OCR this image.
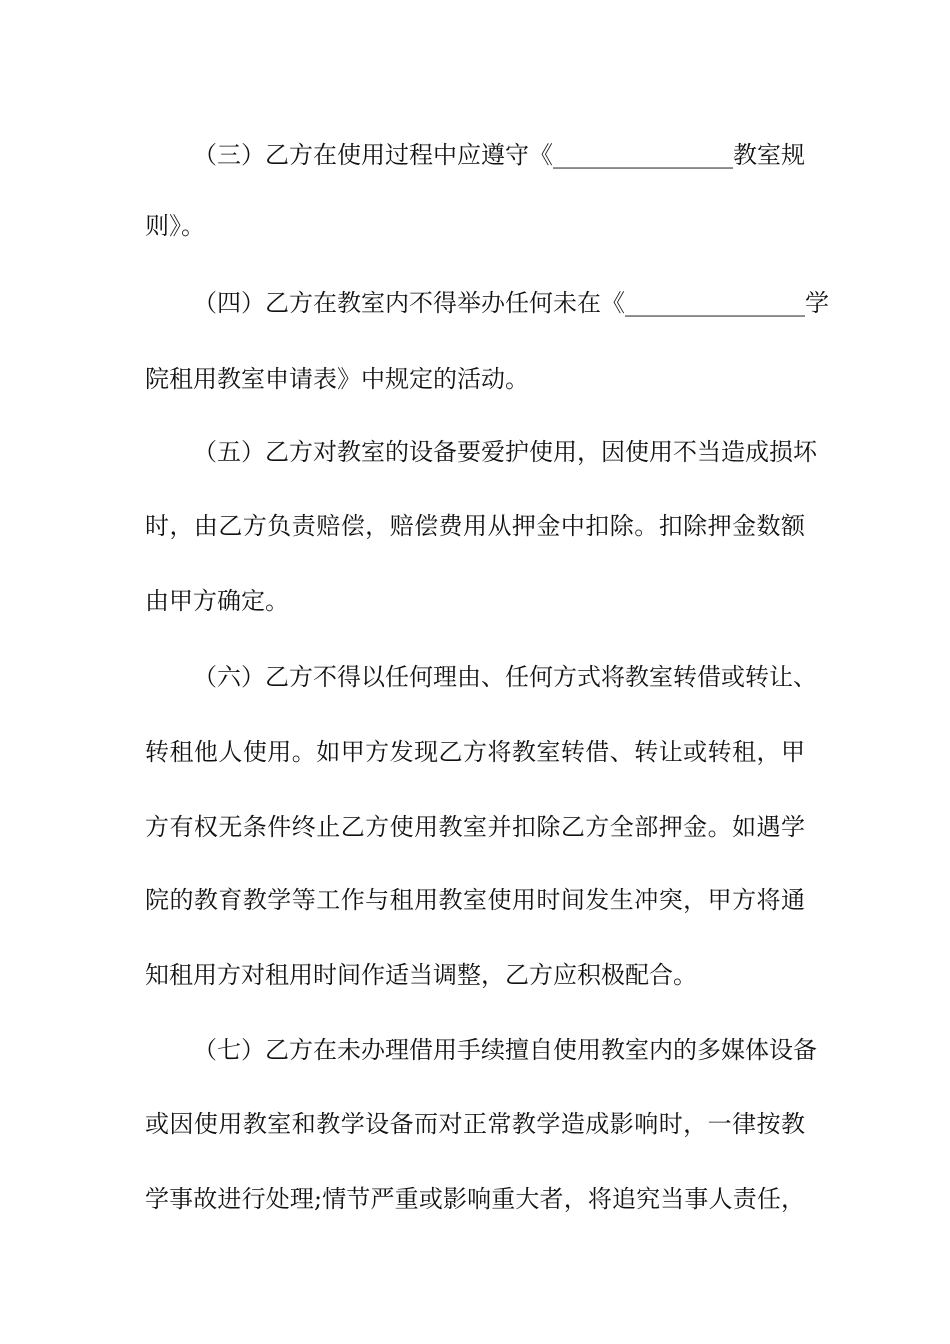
（三）乙方在使用过程中应遵守《_______________教室规
则》。
（四）乙方在教室内不得举办任何未在《_______________学
院租用教室申请表》中规定的活动。
（五）乙方对教室的设备要爱护使用，因使用不当造成损坏
时，由乙方负责赔偿，赔偿费用从押金中扣除。扣除押金数额
由甲方确定。
（六）乙方不得以任何理由、任何方式将教室转借或转让、
转租他人使用。如甲方发现乙方将教室转借、转让或转租，甲
方有权无条件终止乙方使用教室并扣除乙方全部押金。如遇学
院的教育教学等工作与租用教室使用时间发生冲突，甲方将通
知租用方对租用时间作适当调整，乙方应积极配合。
（七）乙方在未办理借用手续擅自使用教室内的多媒体设备
或因使用教室和教学设备而对正常教学造成影响时，一律按教
学事故进行处理;情节严重或影响重大者，将追究当事人责任，
